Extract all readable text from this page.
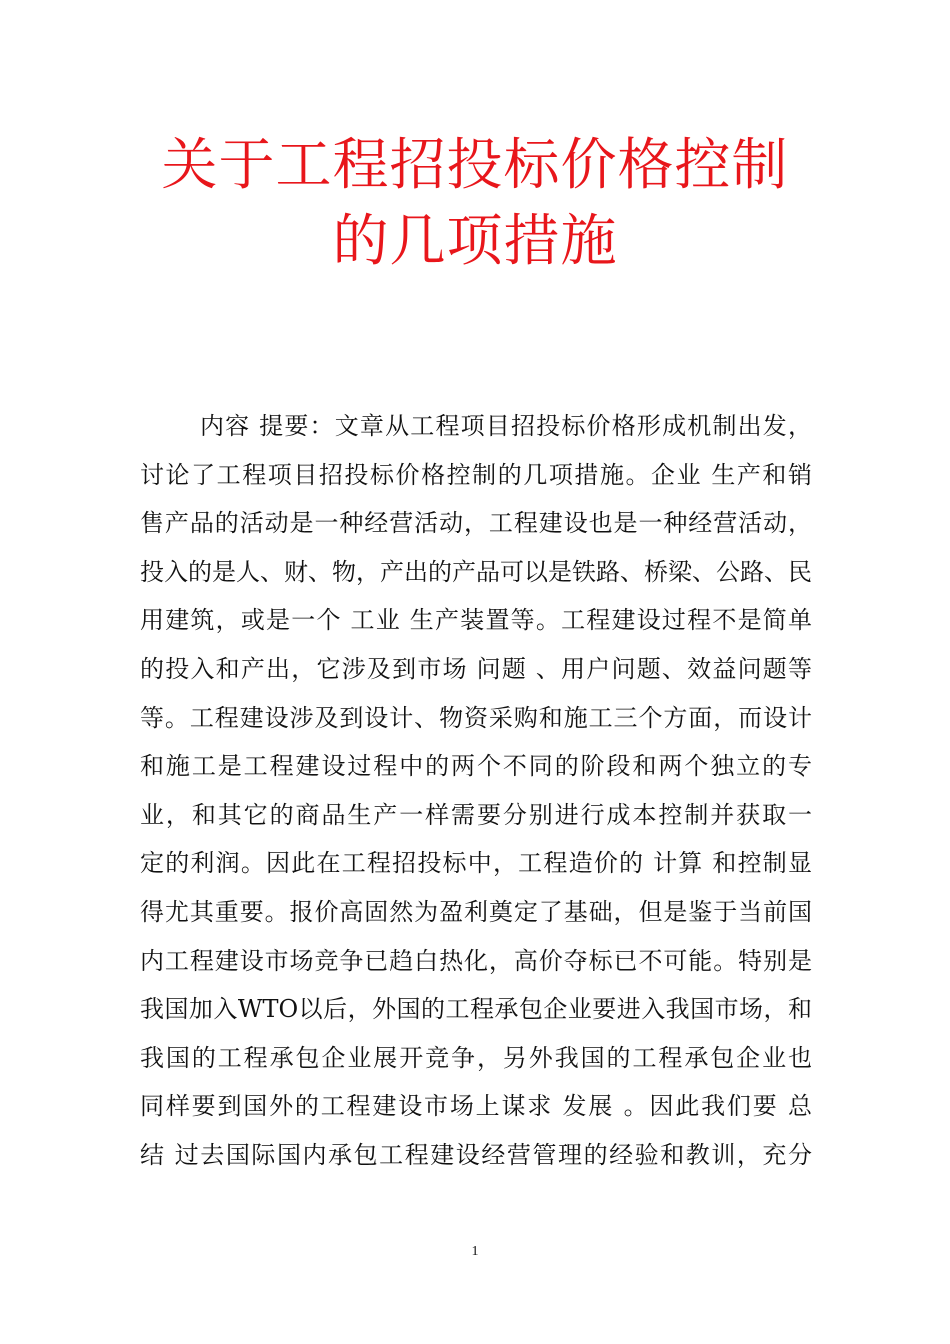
关于工程招投标价格控制
的几项措施
内容 提要：文章从工程项目招投标价格形成机制出发，
讨论了工程项目招投标价格控制的几项措施。企业 生产和销
售产品的活动是一种经营活动，工程建设也是一种经营活动，
投入的是人、财、物，产出的产品可以是铁路、桥梁、公路、民
用建筑，或是一个 工业 生产装置等。工程建设过程不是简单
的投入和产出，它涉及到市场 问题 、用户问题、效益问题等
等。工程建设涉及到设计、物资采购和施工三个方面，而设计
和施工是工程建设过程中的两个不同的阶段和两个独立的专
业，和其它的商品生产一样需要分别进行成本控制并获取一
定的利润。因此在工程招投标中，工程造价的 计算 和控制显
得尤其重要。报价高固然为盈利奠定了基础，但是鉴于当前国
内工程建设市场竞争已趋白热化，高价夺标已不可能。特别是
我国加入WTO以后，外国的工程承包企业要进入我国市场，和
我国的工程承包企业展开竞争，另外我国的工程承包企业也
同样要到国外的工程建设市场上谋求 发展 。因此我们要 总
结 过去国际国内承包工程建设经营管理的经验和教训，充分
1
